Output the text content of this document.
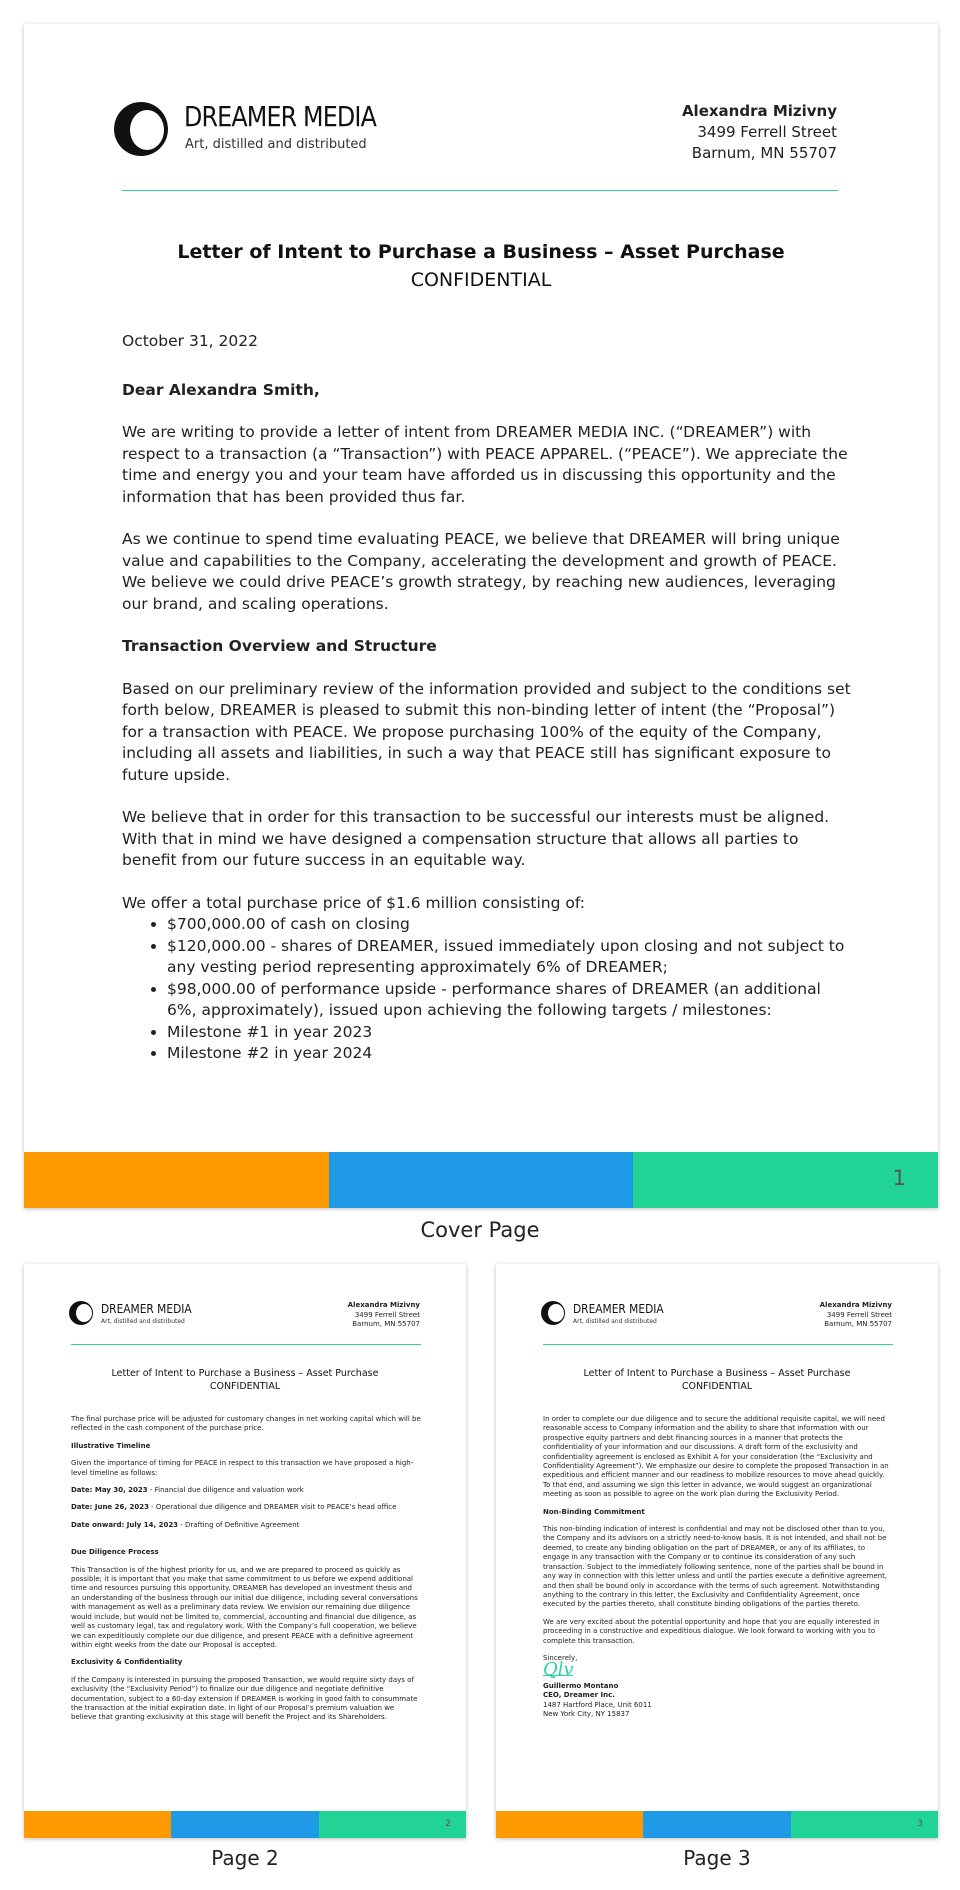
DREAMER MEDIA
Art, distilled and distributed
Alexandra Mizivny
3499 Ferrell Street
Barnum, MN 55707
Letter of Intent to Purchase a Business – Asset Purchase
CONFIDENTIAL

October 31, 2022

Dear Alexandra Smith,

We are writing to provide a letter of intent from DREAMER MEDIA INC. (“DREAMER”) with respect to a transaction (a “Transaction”) with PEACE APPAREL. (“PEACE”). We appreciate the time and energy you and your team have afforded us in discussing this opportunity and the information that has been provided thus far.

As we continue to spend time evaluating PEACE, we believe that DREAMER will bring unique value and capabilities to the Company, accelerating the development and growth of PEACE. We believe we could drive PEACE’s growth strategy, by reaching new audiences, leveraging our brand, and scaling operations.

Transaction Overview and Structure

Based on our preliminary review of the information provided and subject to the conditions set forth below, DREAMER is pleased to submit this non-binding letter of intent (the “Proposal”) for a transaction with PEACE. We propose purchasing 100% of the equity of the Company, including all assets and liabilities, in such a way that PEACE still has significant exposure to future upside.

We believe that in order for this transaction to be successful our interests must be aligned. With that in mind we have designed a compensation structure that allows all parties to benefit from our future success in an equitable way.

We offer a total purchase price of $1.6 million consisting of:
• $700,000.00 of cash on closing
• $120,000.00 - shares of DREAMER, issued immediately upon closing and not subject to any vesting period representing approximately 6% of DREAMER;
• $98,000.00 of performance upside - performance shares of DREAMER (an additional 6%, approximately), issued upon achieving the following targets / milestones:
• Milestone #1 in year 2023
• Milestone #2 in year 2024
1
Cover Page
DREAMER MEDIA
Art, distilled and distributed
Alexandra Mizivny
3499 Ferrell Street
Barnum, MN 55707
Letter of Intent to Purchase a Business – Asset Purchase
CONFIDENTIAL

The final purchase price will be adjusted for customary changes in net working capital which will be reflected in the cash component of the purchase price.

Illustrative Timeline

Given the importance of timing for PEACE in respect to this transaction we have proposed a high-level timeline as follows:

Date: May 30, 2023 - Financial due diligence and valuation work

Date: June 26, 2023 - Operational due diligence and DREAMER visit to PEACE’s head office

Date onward: July 14, 2023 - Drafting of Definitive Agreement

Due Diligence Process

This Transaction is of the highest priority for us, and we are prepared to proceed as quickly as possible; it is important that you make that same commitment to us before we expend additional time and resources pursuing this opportunity. DREAMER has developed an investment thesis and an understanding of the business through our initial due diligence, including several conversations with management as well as a preliminary data review. We envision our remaining due diligence would include, but would not be limited to, commercial, accounting and financial due diligence, as well as customary legal, tax and regulatory work. With the Company’s full cooperation, we believe we can expeditiously complete our due diligence, and present PEACE with a definitive agreement within eight weeks from the date our Proposal is accepted.

Exclusivity & Confidentiality

If the Company is interested in pursuing the proposed Transaction, we would require sixty days of exclusivity (the “Exclusivity Period”) to finalize our due diligence and negotiate definitive documentation, subject to a 60-day extension if DREAMER is working in good faith to consummate the transaction at the initial expiration date. In light of our Proposal’s premium valuation we believe that granting exclusivity at this stage will benefit the Project and its Shareholders.

2
Page 2
DREAMER MEDIA
Art, distilled and distributed
Alexandra Mizivny
3499 Ferrell Street
Barnum, MN 55707
Letter of Intent to Purchase a Business – Asset Purchase
CONFIDENTIAL

In order to complete our due diligence and to secure the additional requisite capital, we will need reasonable access to Company information and the ability to share that information with our prospective equity partners and debt financing sources in a manner that protects the confidentiality of your information and our discussions. A draft form of the exclusivity and confidentiality agreement is enclosed as Exhibit A for your consideration (the “Exclusivity and Confidentiality Agreement”). We emphasize our desire to complete the proposed Transaction in an expeditious and efficient manner and our readiness to mobilize resources to move ahead quickly. To that end, and assuming we sign this letter in advance, we would suggest an organizational meeting as soon as possible to agree on the work plan during the Exclusivity Period.

Non-Binding Commitment

This non-binding indication of interest is confidential and may not be disclosed other than to you, the Company and its advisors on a strictly need-to-know basis. It is not intended, and shall not be deemed, to create any binding obligation on the part of DREAMER, or any of its affiliates, to engage in any transaction with the Company or to continue its consideration of any such transaction. Subject to the immediately following sentence, none of the parties shall be bound in any way in connection with this letter unless and until the parties execute a definitive agreement, and then shall be bound only in accordance with the terms of such agreement. Notwithstanding anything to the contrary in this letter, the Exclusivity and Confidentiality Agreement, once executed by the parties thereto, shall constitute binding obligations of the parties thereto.

We are very excited about the potential opportunity and hope that you are equally interested in proceeding in a constructive and expeditious dialogue. We look forward to working with you to complete this transaction.

Sincerely,

Qlv
Guillermo Montano
CEO, Dreamer Inc.
1487 Hartford Place, Unit 6011
New York City, NY 15837
3
Page 3
